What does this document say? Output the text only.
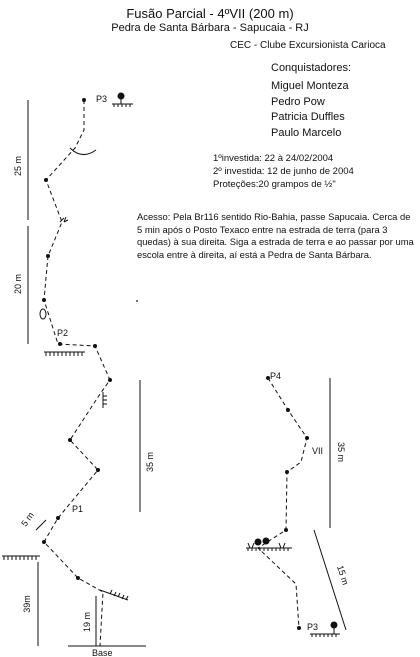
Fusão Parcial - 4ºVII (200 m)
Pedra de Santa Bárbara - Sapucaia - RJ
CEC - Clube Excursionista Carioca
Conquistadores:
Miguel Monteza
Pedro Pow
Patricia Duffles
Paulo Marcelo
1ºinvestida: 22 à 24/02/2004
2º investida: 12 de junho de 2004
Proteções:20 grampos de ½"
Acesso: Pela Br116 sentido Rio-Bahia, passe Sapucaia. Cerca de 5 min após o Posto Texaco entre na estrada de terra (para 3 quedas) à sua direita. Siga a estrada de terra e ao passar por uma escola entre à direita, aí está a Pedra de Santa Bárbara.
P3
P2
P1
Base
P4
VII
P3
25 m
20 m
35 m
5 m
39m
19 m
35 m
15 m
